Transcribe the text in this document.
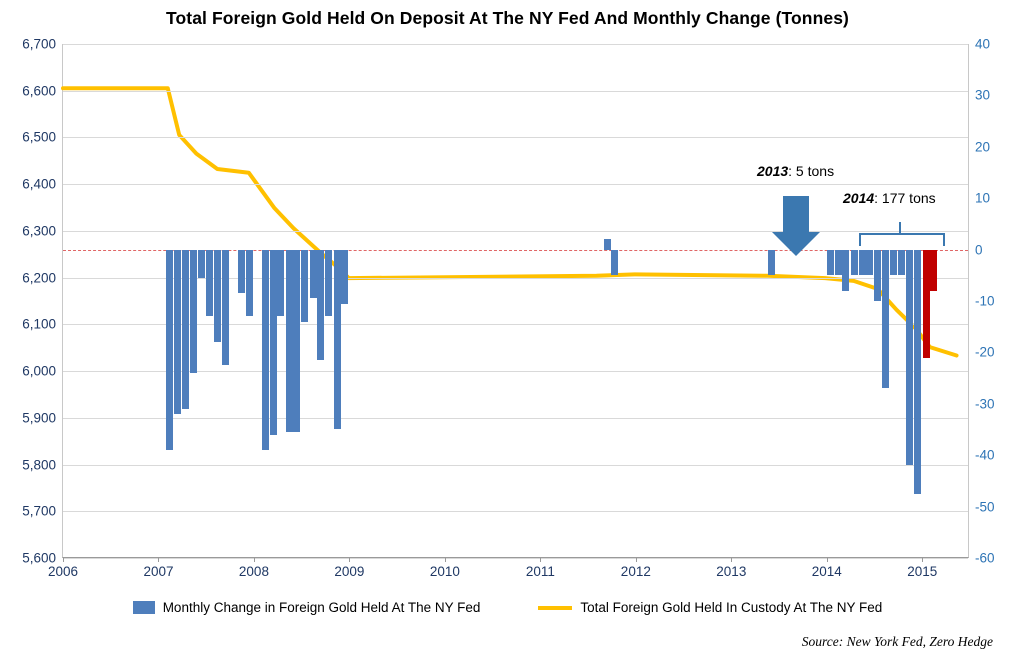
Total Foreign Gold Held On Deposit At The NY Fed And Monthly Change (Tonnes)
5,600
5,700
5,800
5,900
6,000
6,100
6,200
6,300
6,400
6,500
6,600
6,700
-60
-50
-40
-30
-20
-10
0
10
20
30
40
2006	2007	2008	2009	2010	2011	2012	2013	2014	2015
2013: 5 tons
2014: 177 tons
Monthly Change in Foreign Gold Held At The NY Fed	Total Foreign Gold Held In Custody At The NY Fed
Source: New York Fed, Zero Hedge
